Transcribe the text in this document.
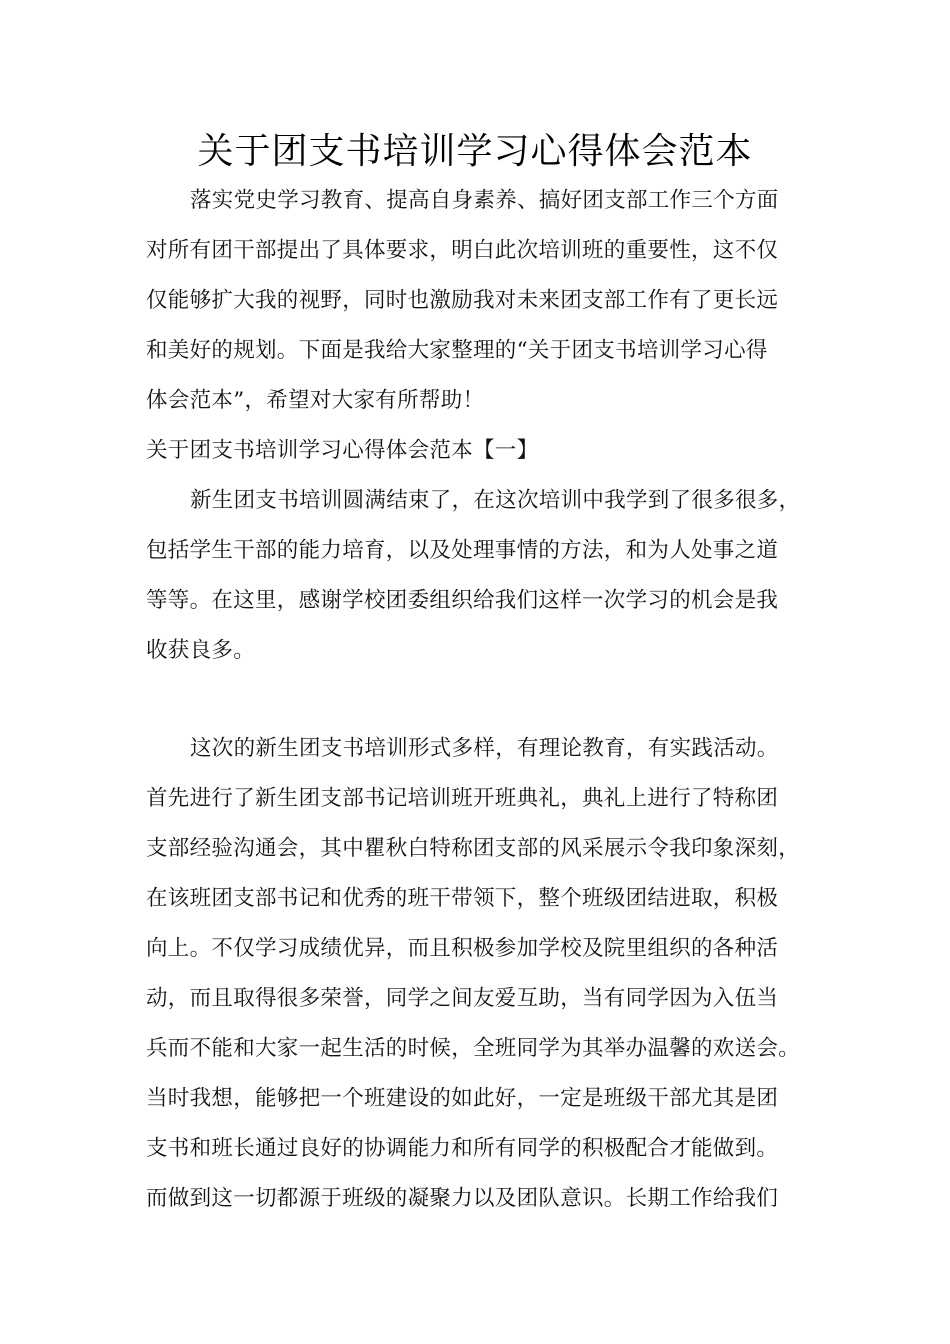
关于团支书培训学习心得体会范本
落实党史学习教育、提高自身素养、搞好团支部工作三个方面
对所有团干部提出了具体要求，明白此次培训班的重要性，这不仅
仅能够扩大我的视野，同时也激励我对未来团支部工作有了更长远
和美好的规划。下面是我给大家整理的“关于团支书培训学习心得
体会范本”，希望对大家有所帮助！
关于团支书培训学习心得体会范本【一】
新生团支书培训圆满结束了，在这次培训中我学到了很多很多，
包括学生干部的能力培育，以及处理事情的方法，和为人处事之道
等等。在这里，感谢学校团委组织给我们这样一次学习的机会是我
收获良多。
这次的新生团支书培训形式多样，有理论教育，有实践活动。
首先进行了新生团支部书记培训班开班典礼，典礼上进行了特称团
支部经验沟通会，其中瞿秋白特称团支部的风采展示令我印象深刻，
在该班团支部书记和优秀的班干带领下，整个班级团结进取，积极
向上。不仅学习成绩优异，而且积极参加学校及院里组织的各种活
动，而且取得很多荣誉，同学之间友爱互助，当有同学因为入伍当
兵而不能和大家一起生活的时候，全班同学为其举办温馨的欢送会。
当时我想，能够把一个班建设的如此好，一定是班级干部尤其是团
支书和班长通过良好的协调能力和所有同学的积极配合才能做到。
而做到这一切都源于班级的凝聚力以及团队意识。长期工作给我们
